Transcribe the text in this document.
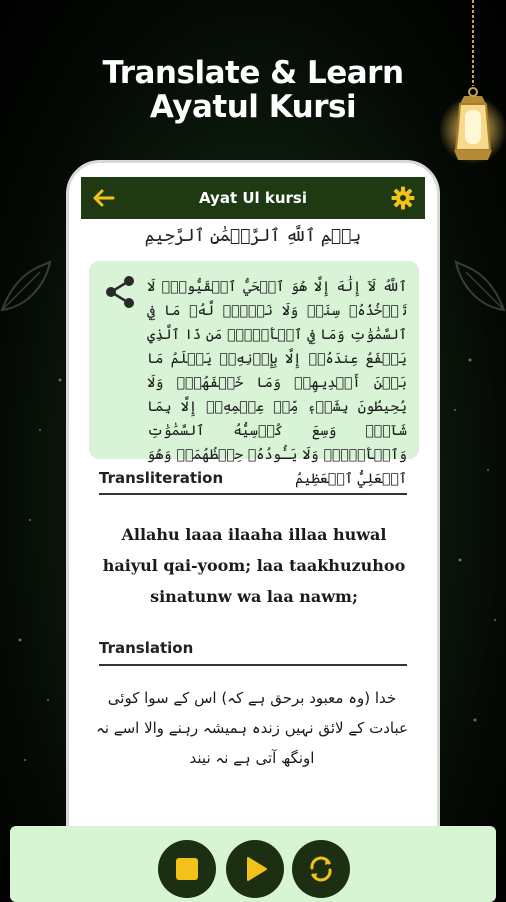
Translate & Learn
Ayatul Kursi
Ayat Ul kursi
بِسۡمِ ٱللَّهِ ٱلرَّحۡمَٰنِ ٱلرَّحِيمِ
ٱللَّهُ لَآ إِلَٰهَ إِلَّا هُوَ ٱلۡحَيُّ ٱلۡقَيُّومُۚ لَا تَأۡخُذُهُۥ سِنَةٞ وَلَا نَوۡمٞۚ لَّهُۥ مَا فِي ٱلسَّمَٰوَٰتِ وَمَا فِي ٱلۡأَرۡضِۗ مَن ذَا ٱلَّذِي يَشۡفَعُ عِندَهُۥٓ إِلَّا بِإِذۡنِهِۦۚ يَعۡلَمُ مَا بَيۡنَ أَيۡدِيهِمۡ وَمَا خَلۡفَهُمۡۖ وَلَا يُحِيطُونَ بِشَيۡءٖ مِّنۡ عِلۡمِهِۦٓ إِلَّا بِمَا شَآءَۚ وَسِعَ كُرۡسِيُّهُ ٱلسَّمَٰوَٰتِ وَٱلۡأَرۡضَۖ وَلَا يَـُٔودُهُۥ حِفۡظُهُمَاۚ وَهُوَ ٱلۡعَلِيُّ ٱلۡعَظِيمُ
Transliteration
Allahu laaa ilaaha illaa huwal haiyul qai-yoom; laa taakhuzuhoo sinatunw wa laa nawm;
Translation
خدا (وہ معبود برحق ہے کہ) اس کے سوا کوئی عبادت کے لائق نہیں زندہ ہمیشہ رہنے والا اسے نہ اونگھ آتی ہے نہ نیند
